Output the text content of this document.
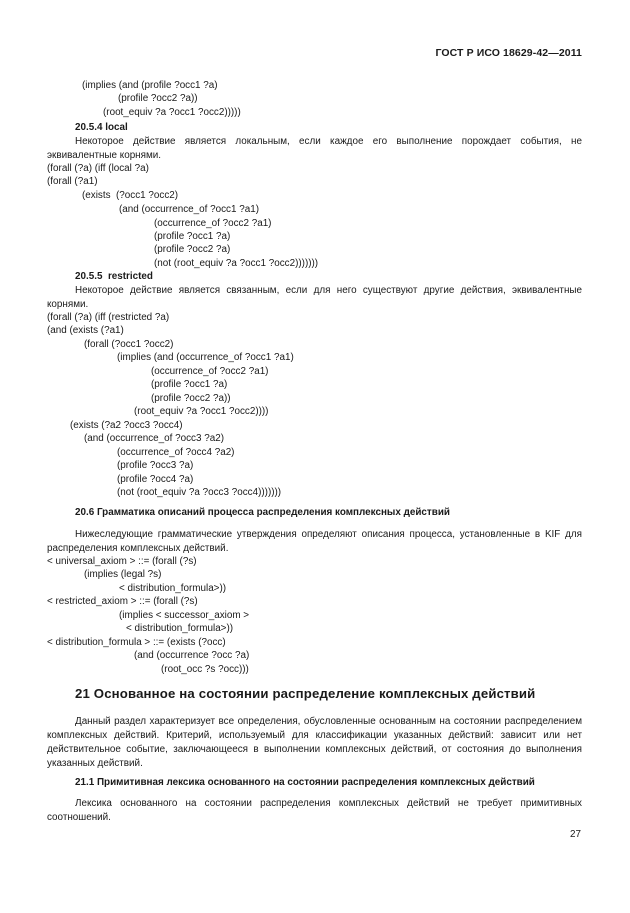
ГОСТ Р ИСО 18629-42—2011
(implies (and (profile ?occ1 ?a)
(profile ?occ2 ?a))
(root_equiv ?a ?occ1 ?occ2)))))
20.5.4 local
Некоторое действие является локальным, если каждое его выполнение порождает события, не эквивалентные корнями.
(forall (?a) (iff (local ?a)
(forall (?a1)
(exists  (?occ1 ?occ2)
(and (occurrence_of ?occ1 ?a1)
(occurrence_of ?occ2 ?a1)
(profile ?occ1 ?a)
(profile ?occ2 ?a)
(not (root_equiv ?a ?occ1 ?occ2)))))))
20.5.5  restricted
Некоторое действие является связанным, если для него существуют другие действия, эквивалентные корнями.
(forall (?a) (iff (restricted ?a)
(and (exists (?a1)
(forall (?occ1 ?occ2)
(implies (and (occurrence_of ?occ1 ?a1)
(occurrence_of ?occ2 ?a1)
(profile ?occ1 ?a)
(profile ?occ2 ?a))
(root_equiv ?a ?occ1 ?occ2))))
(exists (?a2 ?occ3 ?occ4)
(and (occurrence_of ?occ3 ?a2)
(occurrence_of ?occ4 ?a2)
(profile ?occ3 ?a)
(profile ?occ4 ?a)
(not (root_equiv ?a ?occ3 ?occ4)))))))
20.6 Грамматика описаний процесса распределения комплексных действий
Нижеследующие грамматические утверждения определяют описания процесса, установленные в KIF для распределения комплексных действий.
< universal_axiom > ::= (forall (?s)
(implies (legal ?s)
< distribution_formula>))
< restricted_axiom > ::= (forall (?s)
(implies < successor_axiom >
< distribution_formula>))
< distribution_formula > ::= (exists (?occ)
(and (occurrence ?occ ?a)
(root_occ ?s ?occ)))
21 Основанное на состоянии распределение комплексных действий
Данный раздел характеризует все определения, обусловленные основанным на состоянии распределением комплексных действий. Критерий, используемый для классификации указанных действий: зависит или нет действительное событие, заключающееся в выполнении комплексных действий, от состояния до выполнения указанных действий.
21.1 Примитивная лексика основанного на состоянии распределения комплексных действий
Лексика основанного на состоянии распределения комплексных действий не требует примитивных соотношений.
27
